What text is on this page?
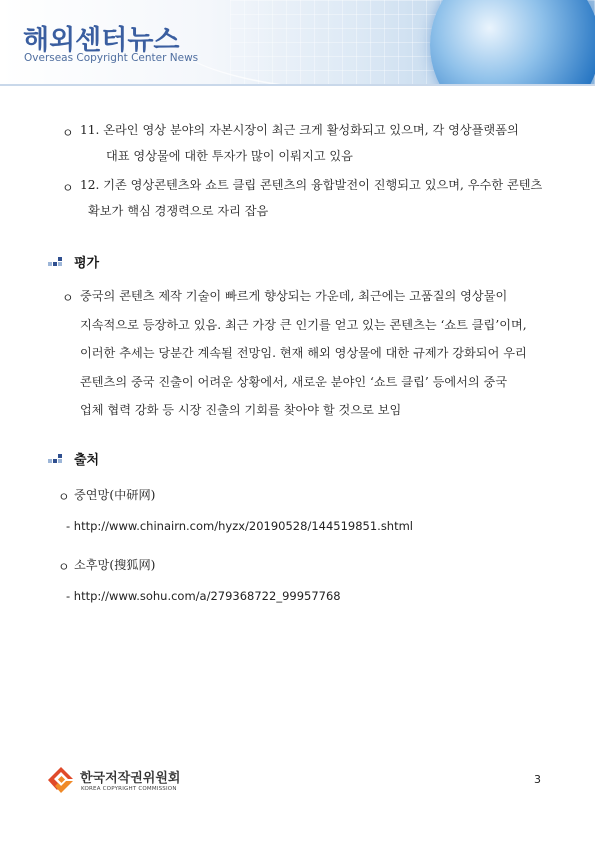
해외센터뉴스
Overseas Copyright Center News
ㅇ 11. 온라인 영상 분야의 자본시장이 최근 크게 활성화되고 있으며, 각 영상플랫폼의
대표 영상물에 대한 투자가 많이 이뤄지고 있음
ㅇ 12. 기존 영상콘텐츠와 쇼트 클립 콘텐츠의 융합발전이 진행되고 있으며, 우수한 콘텐츠
확보가 핵심 경쟁력으로 자리 잡음
평가
ㅇ 중국의 콘텐츠 제작 기술이 빠르게 향상되는 가운데, 최근에는 고품질의 영상물이
지속적으로 등장하고 있음. 최근 가장 큰 인기를 얻고 있는 콘텐츠는 ‘쇼트 클립’이며,
이러한 추세는 당분간 계속될 전망임. 현재 해외 영상물에 대한 규제가 강화되어 우리
콘텐츠의 중국 진출이 어려운 상황에서, 새로운 분야인 ‘쇼트 클립’ 등에서의 중국
업체 협력 강화 등 시장 진출의 기회를 찾아야 할 것으로 보임
출처
ㅇ 중연망(中研网)
- http://www.chinairn.com/hyzx/20190528/144519851.shtml
ㅇ 소후망(搜狐网)
- http://www.sohu.com/a/279368722_99957768
한국저작권위원회
KOREA COPYRIGHT COMMISSION
3
